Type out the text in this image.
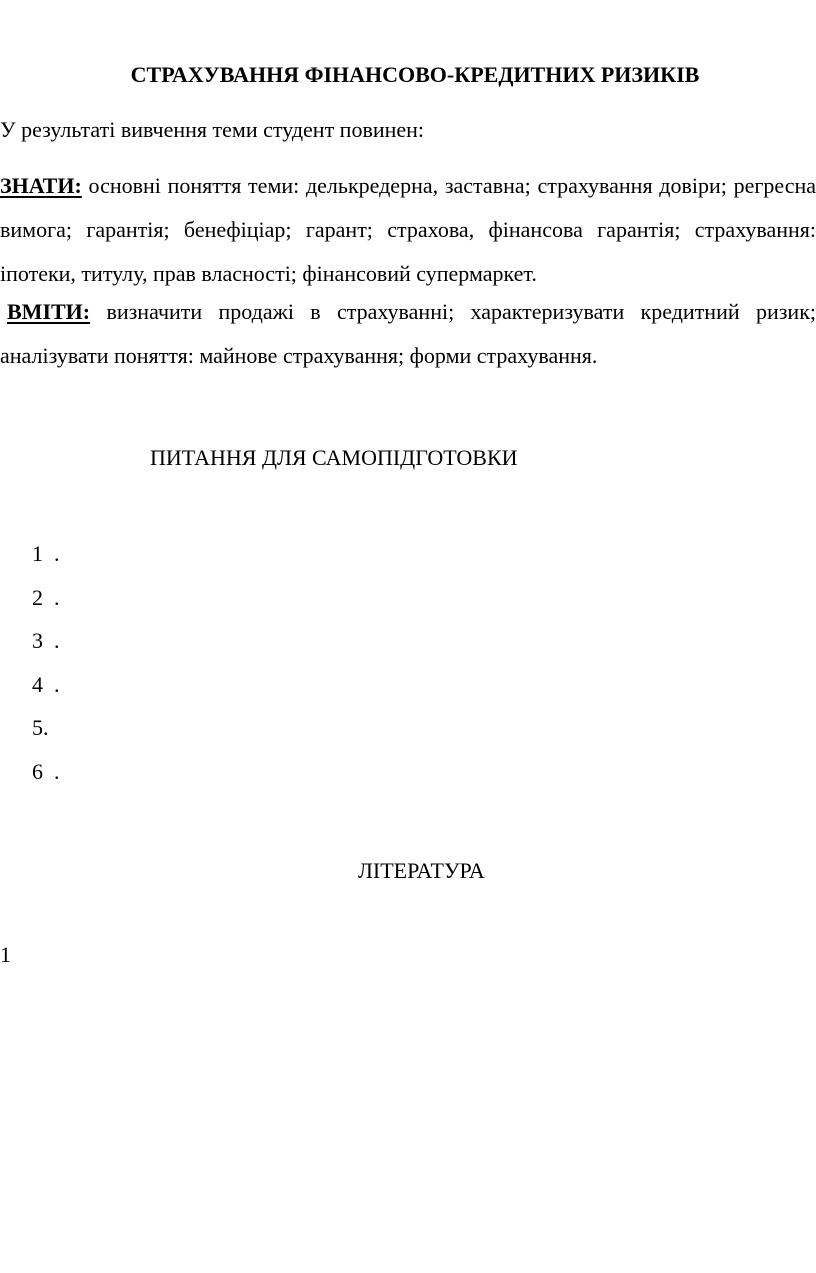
СТРАХУВАННЯ ФІНАНСОВО-КРЕДИТНИХ РИЗИКІВ
У результаті вивчення теми студент повинен:
ЗНАТИ: основні поняття теми: делькредерна, заставна; страхування довіри; регресна вимога; гарантія; бенефіціар; гарант; страхова, фінансова гарантія; страхування: іпотеки, титулу, прав власності; фінансовий супермаркет.
ВМІТИ: визначити продажі в страхуванні; характеризувати кредитний ризик; аналізувати поняття: майнове страхування; форми страхування.
ПИТАННЯ ДЛЯ САМОПІДГОТОВКИ
1  .
2  .
3  .
4  .
5.
6  .
ЛІТЕРАТУРА
1
